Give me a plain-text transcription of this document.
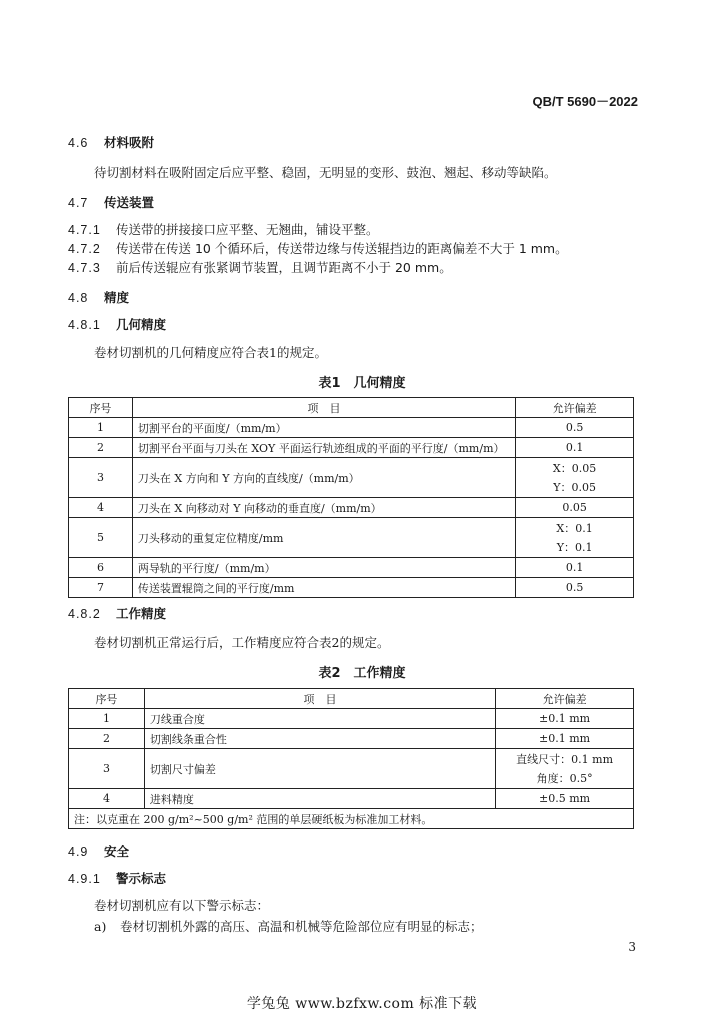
QB/T 5690－2022
4.6 材料吸附
待切割材料在吸附固定后应平整、稳固，无明显的变形、鼓泡、翘起、移动等缺陷。
4.7 传送装置
4.7.1 传送带的拼接接口应平整、无翘曲，铺设平整。
4.7.2 传送带在传送 10 个循环后，传送带边缘与传送辊挡边的距离偏差不大于 1 mm。
4.7.3 前后传送辊应有张紧调节装置，且调节距离不小于 20 mm。
4.8 精度
4.8.1 几何精度
卷材切割机的几何精度应符合表1的规定。
表1　几何精度
序号	项　目	允许偏差
1	切割平台的平面度/（mm/m）	0.5
2	切割平台平面与刀头在 XOY 平面运行轨迹组成的平面的平行度/（mm/m）	0.1
3	刀头在 X 方向和 Y 方向的直线度/（mm/m）	X：0.05
		Y：0.05
4	刀头在 X 向移动对 Y 向移动的垂直度/（mm/m）	0.05
5	刀头移动的重复定位精度/mm	X：0.1
		Y：0.1
6	两导轨的平行度/（mm/m）	0.1
7	传送装置辊筒之间的平行度/mm	0.5
4.8.2 工作精度
卷材切割机正常运行后，工作精度应符合表2的规定。
表2　工作精度
序号	项　目	允许偏差
1	刀线重合度	±0.1 mm
2	切割线条重合性	±0.1 mm
3	切割尺寸偏差	直线尺寸：0.1 mm
		角度：0.5°
4	进料精度	±0.5 mm
注：以克重在 200 g/m²~500 g/m² 范围的单层硬纸板为标准加工材料。		
4.9 安全
4.9.1 警示标志
卷材切割机应有以下警示标志：
a) 卷材切割机外露的高压、高温和机械等危险部位应有明显的标志；
3
学兔兔 www.bzfxw.com 标准下载
